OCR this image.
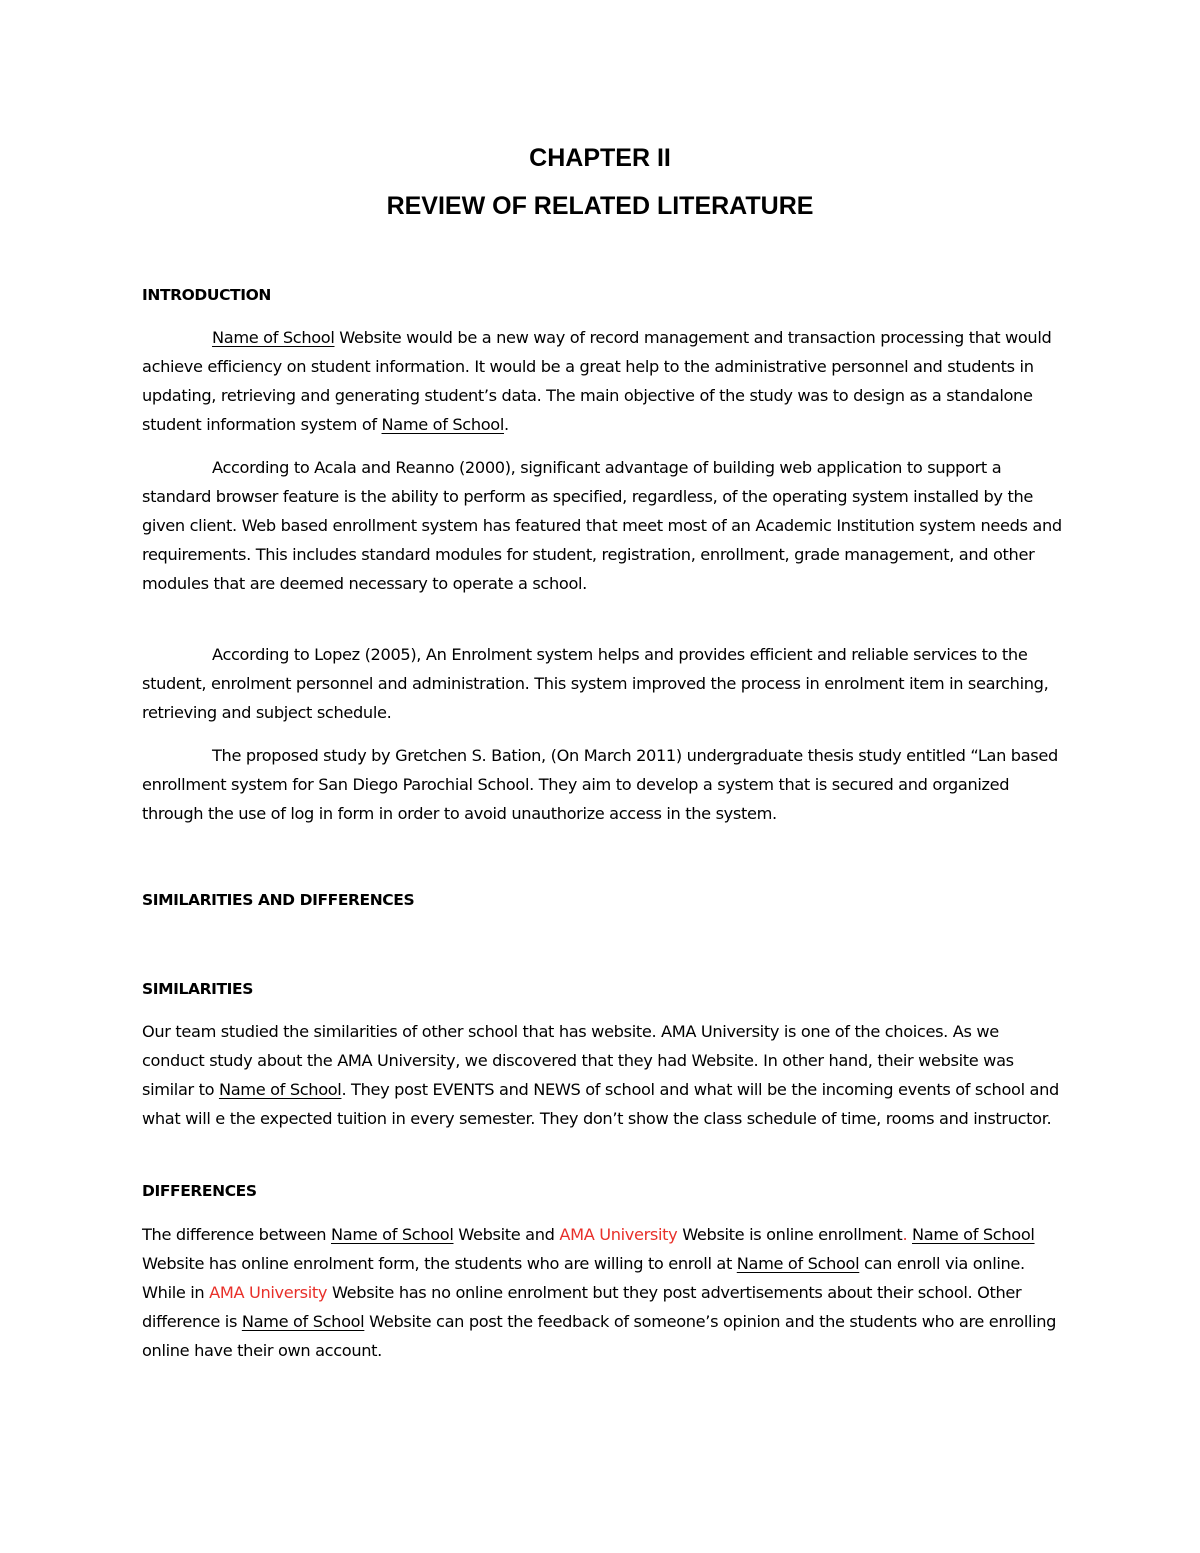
CHAPTER II
REVIEW OF RELATED LITERATURE
INTRODUCTION

Name of School Website would be a new way of record management and transaction processing that would achieve efficiency on student information. It would be a great help to the administrative personnel and students in updating, retrieving and generating student’s data. The main objective of the study was to design as a standalone student information system of Name of School.

According to Acala and Reanno (2000), significant advantage of building web application to support a standard browser feature is the ability to perform as specified, regardless, of the operating system installed by the given client. Web based enrollment system has featured that meet most of an Academic Institution system needs and requirements. This includes standard modules for student, registration, enrollment, grade management, and other modules that are deemed necessary to operate a school.

According to Lopez (2005), An Enrolment system helps and provides efficient and reliable services to the student, enrolment personnel and administration. This system improved the process in enrolment item in searching, retrieving and subject schedule.

The proposed study by Gretchen S. Bation, (On March 2011) undergraduate thesis study entitled “Lan based enrollment system for San Diego Parochial School. They aim to develop a system that is secured and organized through the use of log in form in order to avoid unauthorize access in the system.

SIMILARITIES AND DIFFERENCES
SIMILARITIES

Our team studied the similarities of other school that has website. AMA University is one of the choices. As we conduct study about the AMA University, we discovered that they had Website. In other hand, their website was similar to Name of School. They post EVENTS and NEWS of school and what will be the incoming events of school and what will e the expected tuition in every semester. They don’t show the class schedule of time, rooms and instructor.

DIFFERENCES

The difference between Name of School Website and AMA University Website is online enrollment. Name of School Website has online enrolment form, the students who are willing to enroll at Name of School can enroll via online. While in AMA University Website has no online enrolment but they post advertisements about their school. Other difference is Name of School Website can post the feedback of someone’s opinion and the students who are enrolling online have their own account.
